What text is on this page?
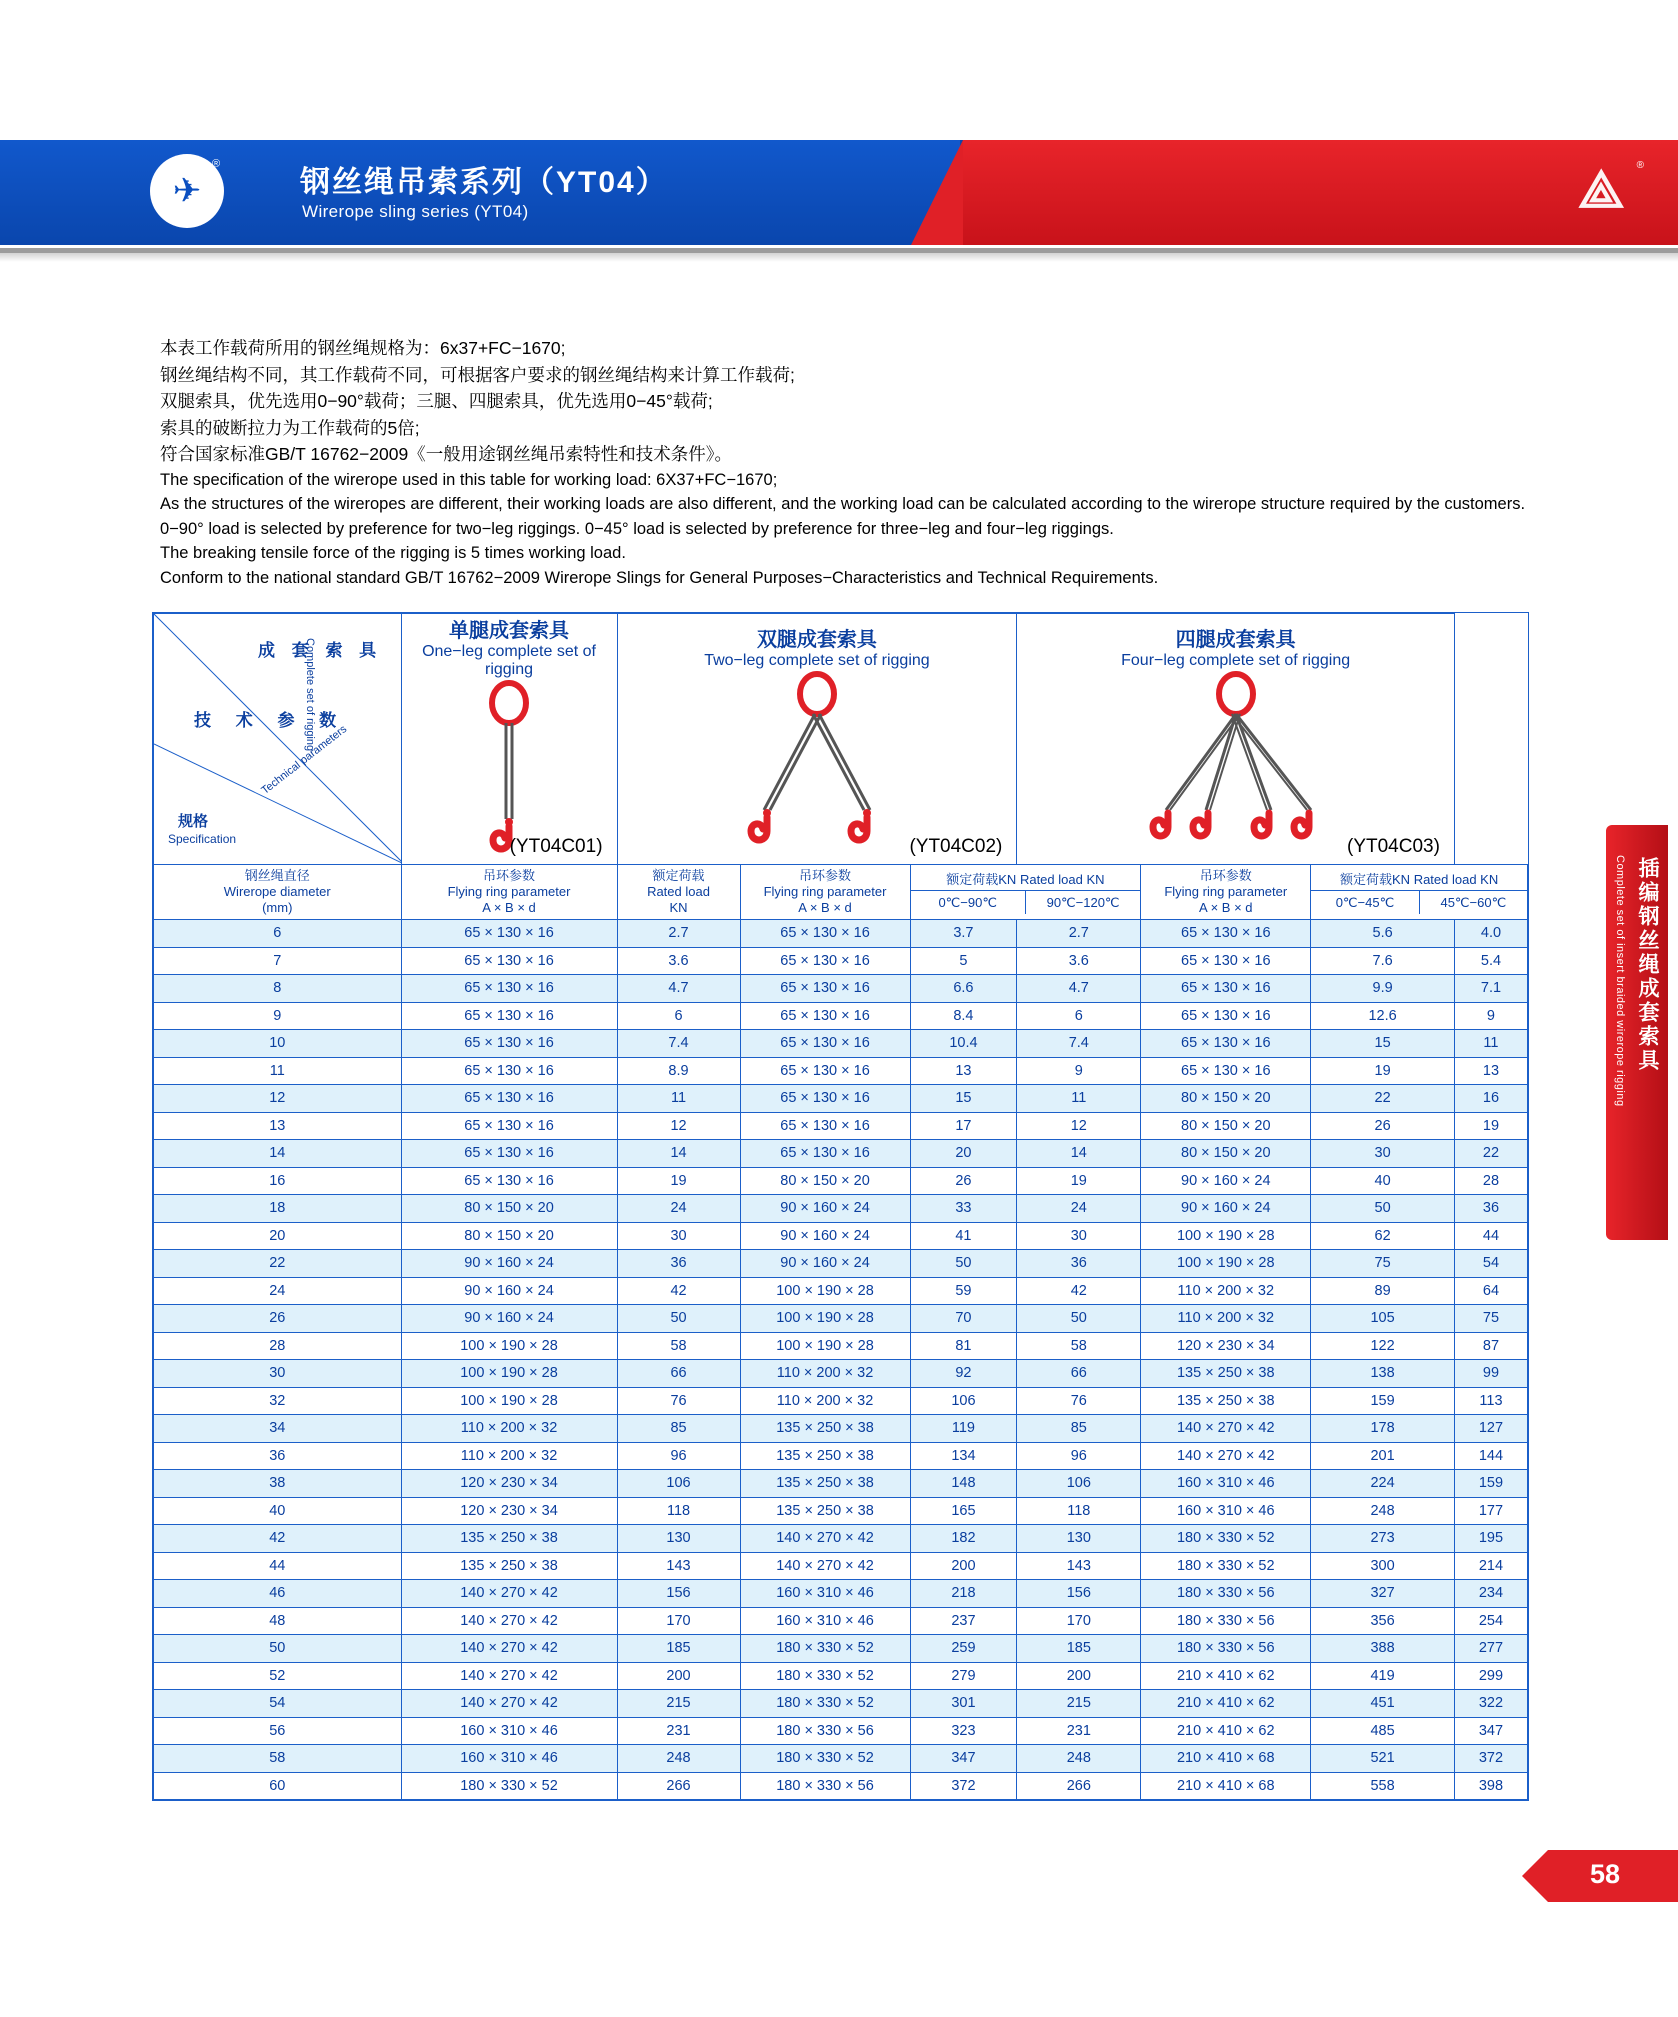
✈
®
钢丝绳吊索系列（YT04）
Wirerope sling series (YT04)	⟁	®
本表工作载荷所用的钢丝绳规格为：6x37+FC−1670;
钢丝绳结构不同，其工作载荷不同，可根据客户要求的钢丝绳结构来计算工作载荷;
双腿索具，优先选用0−90°载荷；三腿、四腿索具，优先选用0−45°载荷;
索具的破断拉力为工作载荷的5倍;
符合国家标准GB/T 16762−2009《一般用途钢丝绳吊索特性和技术条件》。
The specification of the wirerope used in this table for working load: 6X37+FC−1670;
As the structures of the wireropes are different, their working loads are also different, and the working load can be calculated according to the wirerope structure required by the customers. 0−90° load is selected by preference for two−leg riggings. 0−45° load is selected by preference for three−leg and four−leg riggings.
The breaking tensile force of the rigging is 5 times working load.
Conform to the national standard GB/T 16762−2009 Wirerope Slings for General Purposes−Characteristics and Technical Requirements.
成 套 索 具
Complete set of rigging
技 术 参 数
Technical parameters
规格
Specification

单腿成套索具
One−leg complete set of rigging
(YT04C01)

双腿成套索具
Two−leg complete set of rigging
(YT04C02)

四腿成套索具
Four−leg complete set of rigging
(YT04C03)

钢丝绳直径
Wirerope diameter
(mm)

吊环参数
Flying ring parameter
A × B × d

额定荷载
Rated load
KN

吊环参数
Flying ring parameter
A × B × d

额定荷载KN Rated load KN
0℃−90℃	90℃−120℃

吊环参数
Flying ring parameter
A × B × d

额定荷载KN Rated load KN
0℃−45℃	45℃−60℃

6	65 × 130 × 16	2.7	65 × 130 × 16	3.7	2.7	65 × 130 × 16	5.6	4.0
7	65 × 130 × 16	3.6	65 × 130 × 16	5	3.6	65 × 130 × 16	7.6	5.4
8	65 × 130 × 16	4.7	65 × 130 × 16	6.6	4.7	65 × 130 × 16	9.9	7.1
9	65 × 130 × 16	6	65 × 130 × 16	8.4	6	65 × 130 × 16	12.6	9
10	65 × 130 × 16	7.4	65 × 130 × 16	10.4	7.4	65 × 130 × 16	15	11
11	65 × 130 × 16	8.9	65 × 130 × 16	13	9	65 × 130 × 16	19	13
12	65 × 130 × 16	11	65 × 130 × 16	15	11	80 × 150 × 20	22	16
13	65 × 130 × 16	12	65 × 130 × 16	17	12	80 × 150 × 20	26	19
14	65 × 130 × 16	14	65 × 130 × 16	20	14	80 × 150 × 20	30	22
16	65 × 130 × 16	19	80 × 150 × 20	26	19	90 × 160 × 24	40	28
18	80 × 150 × 20	24	90 × 160 × 24	33	24	90 × 160 × 24	50	36
20	80 × 150 × 20	30	90 × 160 × 24	41	30	100 × 190 × 28	62	44
22	90 × 160 × 24	36	90 × 160 × 24	50	36	100 × 190 × 28	75	54
24	90 × 160 × 24	42	100 × 190 × 28	59	42	110 × 200 × 32	89	64
26	90 × 160 × 24	50	100 × 190 × 28	70	50	110 × 200 × 32	105	75
28	100 × 190 × 28	58	100 × 190 × 28	81	58	120 × 230 × 34	122	87
30	100 × 190 × 28	66	110 × 200 × 32	92	66	135 × 250 × 38	138	99
32	100 × 190 × 28	76	110 × 200 × 32	106	76	135 × 250 × 38	159	113
34	110 × 200 × 32	85	135 × 250 × 38	119	85	140 × 270 × 42	178	127
36	110 × 200 × 32	96	135 × 250 × 38	134	96	140 × 270 × 42	201	144
38	120 × 230 × 34	106	135 × 250 × 38	148	106	160 × 310 × 46	224	159
40	120 × 230 × 34	118	135 × 250 × 38	165	118	160 × 310 × 46	248	177
42	135 × 250 × 38	130	140 × 270 × 42	182	130	180 × 330 × 52	273	195
44	135 × 250 × 38	143	140 × 270 × 42	200	143	180 × 330 × 52	300	214
46	140 × 270 × 42	156	160 × 310 × 46	218	156	180 × 330 × 56	327	234
48	140 × 270 × 42	170	160 × 310 × 46	237	170	180 × 330 × 56	356	254
50	140 × 270 × 42	185	180 × 330 × 52	259	185	180 × 330 × 56	388	277
52	140 × 270 × 42	200	180 × 330 × 52	279	200	210 × 410 × 62	419	299
54	140 × 270 × 42	215	180 × 330 × 52	301	215	210 × 410 × 62	451	322
56	160 × 310 × 46	231	180 × 330 × 56	323	231	210 × 410 × 62	485	347
58	160 × 310 × 46	248	180 × 330 × 52	347	248	210 × 410 × 68	521	372
60	180 × 330 × 52	266	180 × 330 × 56	372	266	210 × 410 × 68	558	398
插编钢丝绳成套索具
Complete set of insert braided wirerope rigging
58
